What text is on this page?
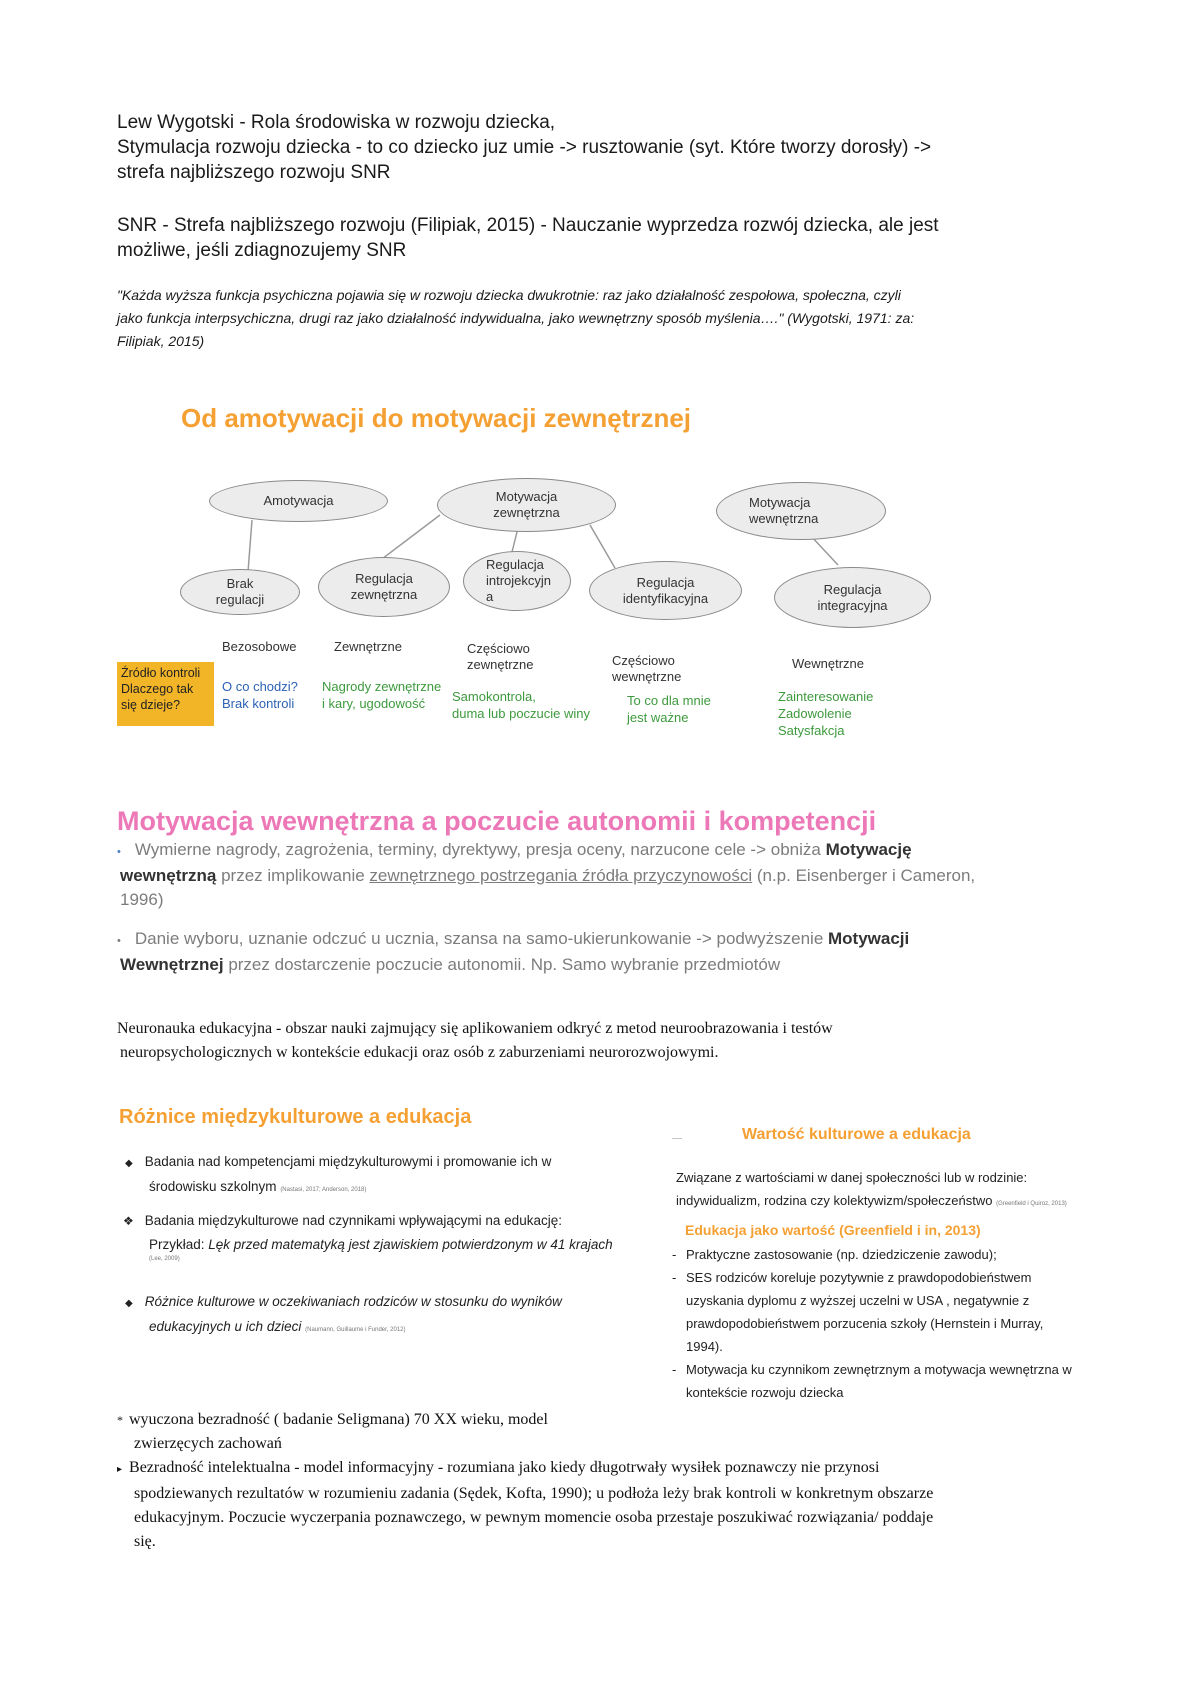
Lew Wygotski - Rola środowiska w rozwoju dziecka,
Stymulacja rozwoju dziecka - to co dziecko juz umie -> rusztowanie (syt. Które tworzy dorosły) ->
strefa najbliższego rozwoju SNR
SNR - Strefa najbliższego rozwoju (Filipiak, 2015) - Nauczanie wyprzedza rozwój dziecka, ale jest
możliwe, jeśli zdiagnozujemy SNR
"Każda wyższa funkcja psychiczna pojawia się w rozwoju dziecka dwukrotnie: raz jako działalność zespołowa, społeczna, czyli
jako funkcja interpsychiczna, drugi raz jako działalność indywidualna, jako wewnętrzny sposób myślenia…." (Wygotski, 1971: za:
Filipiak, 2015)
Od amotywacji do motywacji zewnętrznej
Amotywacja	Motywacja
zewnętrzna
Motywacja
wewnętrzna
Brak
regulacji
Regulacja
zewnętrzna
Regulacja
introjekcyjn
a
Regulacja
identyfikacyjna
Regulacja
integracyjna
Źródło kontroli
Dlaczego tak
się dzieje?
Bezosobowe
O co chodzi?
Brak kontroli
Zewnętrzne
Nagrody zewnętrzne
i kary, ugodowość
Częściowo
zewnętrzne
Samokontrola,
duma lub poczucie winy
Częściowo
wewnętrzne
To co dla mnie
jest ważne
Wewnętrzne
Zainteresowanie
Zadowolenie
Satysfakcja
Motywacja wewnętrzna a poczucie autonomii i kompetencji
• Wymierne nagrody, zagrożenia, terminy, dyrektywy, presja oceny, narzucone cele -> obniża Motywację
wewnętrzną przez implikowanie zewnętrznego postrzegania źródła przyczynowości (n.p. Eisenberger i Cameron,
1996)
• Danie wyboru, uznanie odczuć u ucznia, szansa na samo-ukierunkowanie -> podwyższenie Motywacji
Wewnętrznej przez dostarczenie poczucie autonomii. Np. Samo wybranie przedmiotów
Neuronauka edukacyjna - obszar nauki zajmujący się aplikowaniem odkryć z metod neuroobrazowania i testów
neuropsychologicznych w kontekście edukacji oraz osób z zaburzeniami neurorozwojowymi.
Różnice międzykulturowe a edukacja
◆ Badania nad kompetencjami międzykulturowymi i promowanie ich w
środowisku szkolnym (Nastasi, 2017; Anderson, 2018)
❖ Badania międzykulturowe nad czynnikami wpływającymi na edukację:
Przykład: Lęk przed matematyką jest zjawiskiem potwierdzonym w 41 krajach
(Lee, 2009)
◆ Różnice kulturowe w oczekiwaniach rodziców w stosunku do wyników
edukacyjnych u ich dzieci (Naumann, Guillaume i Funder, 2012)
___	Wartość kulturowe a edukacja
Związane z wartościami w danej społeczności lub w rodzinie:
indywidualizm, rodzina czy kolektywizm/społeczeństwo (Greenfield i Quiroz, 2013)
Edukacja jako wartość (Greenfield i in, 2013)
- Praktyczne zastosowanie (np. dziedziczenie zawodu);
- SES rodziców koreluje pozytywnie z prawdopodobieństwem
uzyskania dyplomu z wyższej uczelni w USA , negatywnie z
prawdopodobieństwem porzucenia szkoły (Hernstein i Murray,
1994).
- Motywacja ku czynnikom zewnętrznym a motywacja wewnętrzna w
kontekście rozwoju dziecka
* wyuczona bezradność ( badanie Seligmana) 70 XX wieku, model
zwierzęcych zachowań
▸ Bezradność intelektualna - model informacyjny - rozumiana jako kiedy długotrwały wysiłek poznawczy nie przynosi
spodziewanych rezultatów w rozumieniu zadania (Sędek, Kofta, 1990); u podłoża leży brak kontroli w konkretnym obszarze
edukacyjnym. Poczucie wyczerpania poznawczego, w pewnym momencie osoba przestaje poszukiwać rozwiązania/ poddaje
się.
